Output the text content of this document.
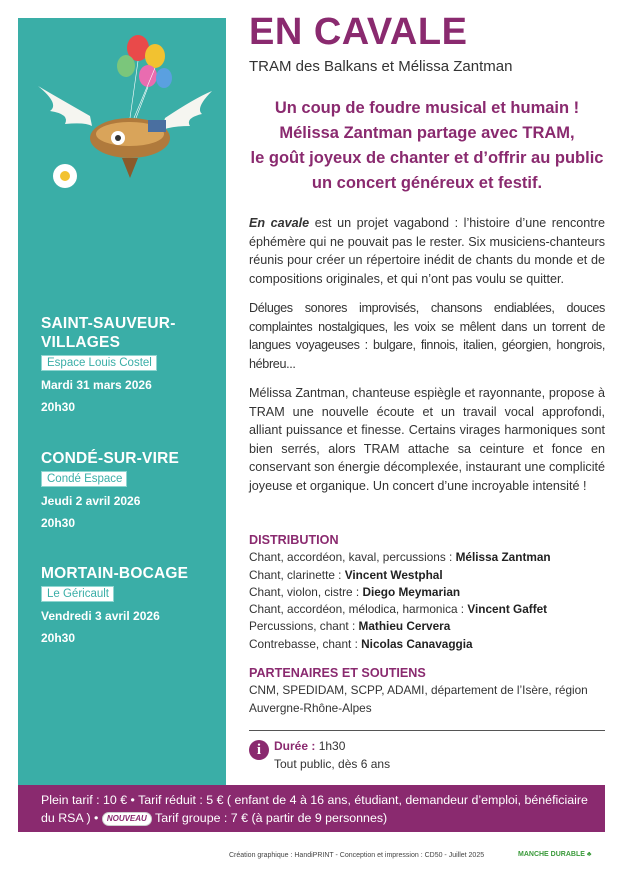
SAINT-SAUVEUR-VILLAGES

Espace Louis Costel

Mardi 31 mars 2026

20h30

CONDÉ-SUR-VIRE

Condé Espace

Jeudi 2 avril 2026

20h30

MORTAIN-BOCAGE

Le Géricault

Vendredi 3 avril 2026

20h30

EN CAVALE

TRAM des Balkans et Mélissa Zantman

Un coup de foudre musical et humain !
Mélissa Zantman partage avec TRAM,
le goût joyeux de chanter et d’offrir au public
un concert généreux et festif.

En cavale est un projet vagabond : l’histoire d’une rencontre éphémère qui ne pouvait pas le rester. Six musiciens-chanteurs réunis pour créer un répertoire inédit de chants du monde et de compositions originales, et qui n’ont pas voulu se quitter.

Déluges sonores improvisés, chansons endiablées, douces complaintes nostalgiques, les voix se mêlent dans un torrent de langues voyageuses : bulgare, finnois, italien, géorgien, hongrois, hébreu...

Mélissa Zantman, chanteuse espiègle et rayonnante, propose à TRAM une nouvelle écoute et un travail vocal approfondi, alliant puissance et finesse. Certains virages harmoniques sont bien serrés, alors TRAM attache sa ceinture et fonce en conservant son énergie décomplexée, instaurant une complicité joyeuse et organique. Un concert d’une incroyable intensité !

DISTRIBUTION

Chant, accordéon, kaval, percussions : Mélissa Zantman
Chant, clarinette : Vincent Westphal
Chant, violon, cistre : Diego Meymarian
Chant, accordéon, mélodica, harmonica : Vincent Gaffet
Percussions, chant : Mathieu Cervera
Contrebasse, chant : Nicolas Canavaggia

PARTENAIRES ET SOUTIENS

CNM, SPEDIDAM, SCPP, ADAMI, département de l’Isère, région Auvergne-Rhône-Alpes
i	Durée : 1h30
Tout public, dès 6 ans
Plein tarif : 10 € • Tarif réduit : 5 € ( enfant de 4 à 16 ans, étudiant, demandeur d’emploi, bénéficiaire
du RSA ) • NOUVEAU Tarif groupe : 7 € (à partir de 9 personnes)
Création graphique : HandiPRINT - Conception et impression : CD50 - Juillet 2025	MANCHE DURABLE ♣
